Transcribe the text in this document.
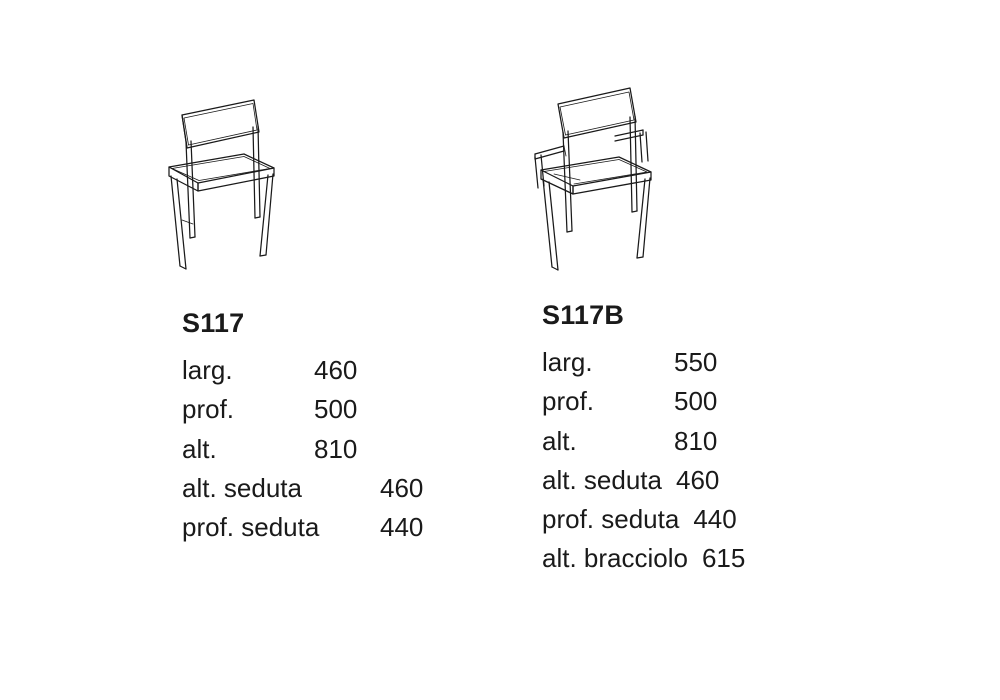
S117
larg.	460
prof.	500
alt.	810
alt. seduta	460
prof. seduta	440
S117B
larg.	550
prof.	500
alt.	810
alt. seduta 460
prof. seduta 440
alt. bracciolo 615
